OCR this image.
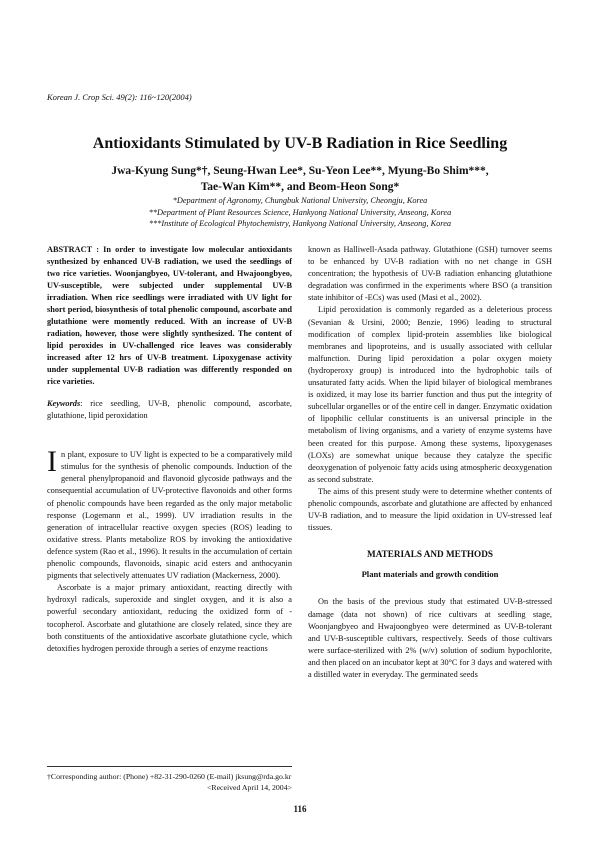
Korean J. Crop Sci. 49(2): 116~120(2004)
Antioxidants Stimulated by UV-B Radiation in Rice Seedling
Jwa-Kyung Sung*†, Seung-Hwan Lee*, Su-Yeon Lee**, Myung-Bo Shim***,
Tae-Wan Kim**, and Beom-Heon Song*
*Department of Agronomy, Chungbuk National University, Cheongju, Korea
**Department of Plant Resources Science, Hankyong National University, Anseong, Korea
***Institute of Ecological Phytochemistry, Hankyong National University, Anseong, Korea
ABSTRACT : In order to investigate low molecular antioxidants synthesized by enhanced UV-B radiation, we used the seedlings of two rice varieties. Woonjangbyeo, UV-tolerant, and Hwajoongbyeo, UV-susceptible, were subjected under supplemental UV-B irradiation. When rice seedlings were irradiated with UV light for short period, biosynthesis of total phenolic compound, ascorbate and glutathione were momently reduced. With an increase of UV-B radiation, however, those were slightly synthesized. The content of lipid peroxides in UV-challenged rice leaves was considerably increased after 12 hrs of UV-B treatment. Lipoxygenase activity under supplemental UV-B radiation was differently responded on rice varieties.
Keywords: rice seedling, UV-B, phenolic compound, ascorbate, glutathione, lipid peroxidation

In plant, exposure to UV light is expected to be a comparatively mild stimulus for the synthesis of phenolic compounds. Induction of the general phenylpropanoid and flavonoid glycoside pathways and the consequential accumulation of UV-protective flavonoids and other forms of phenolic compounds have been regarded as the only major metabolic response (Logemann et al., 1999). UV irradiation results in the generation of intracellular reactive oxygen species (ROS) leading to oxidative stress. Plants metabolize ROS by invoking the antioxidative defence system (Rao et al., 1996). It results in the accumulation of certain phenolic compounds, flavonoids, sinapic acid esters and anthocyanin pigments that selectively attenuates UV radiation (Mackerness, 2000).

Ascorbate is a major primary antioxidant, reacting directly with hydroxyl radicals, superoxide and singlet oxygen, and it is also a powerful secondary antioxidant, reducing the oxidized form of -tocopherol. Ascorbate and glutathione are closely related, since they are both constituents of the antioxidative ascorbate glutathione cycle, which detoxifies hydrogen peroxide through a series of enzyme reactions

known as Halliwell-Asada pathway. Glutathione (GSH) turnover seems to be enhanced by UV-B radiation with no net change in GSH concentration; the hypothesis of UV-B radiation enhancing glutathione degradation was confirmed in the experiments where BSO (a transition state inhibitor of -ECs) was used (Masi et al., 2002).

Lipid peroxidation is commonly regarded as a deleterious process (Sevanian & Ursini, 2000; Benzie, 1996) leading to structural modification of complex lipid-protein assemblies like biological membranes and lipoproteins, and is usually associated with cellular malfunction. During lipid peroxidation a polar oxygen moiety (hydroperoxy group) is introduced into the hydrophobic tails of unsaturated fatty acids. When the lipid bilayer of biological membranes is oxidized, it may lose its barrier function and thus put the integrity of subcellular organelles or of the entire cell in danger. Enzymatic oxidation of lipophilic cellular constituents is an universal principle in the metabolism of living organisms, and a variety of enzyme systems have been created for this purpose. Among these systems, lipoxygenases (LOXs) are somewhat unique because they catalyze the specific deoxygenation of polyenoic fatty acids using atmospheric deoxygenation as second substrate.

The aims of this present study were to determine whether contents of phenolic compounds, ascorbate and glutathione are affected by enhanced UV-B radiation, and to measure the lipid oxidation in UV-stressed leaf tissues.

MATERIALS AND METHODS
Plant materials and growth condition

On the basis of the previous study that estimated UV-B-stressed damage (data not shown) of rice cultivars at seedling stage, Woonjangbyeo and Hwajoongbyeo were determined as UV-B-tolerant and UV-B-susceptible cultivars, respectively. Seeds of those cultivars were surface-sterilized with 2% (w/v) solution of sodium hypochlorite, and then placed on an incubator kept at 30°C for 3 days and watered with a distilled water in everyday. The germinated seeds

†Corresponding author: (Phone) +82-31-290-0260 (E-mail) jksung@rda.go.kr
<Received April 14, 2004>
116
